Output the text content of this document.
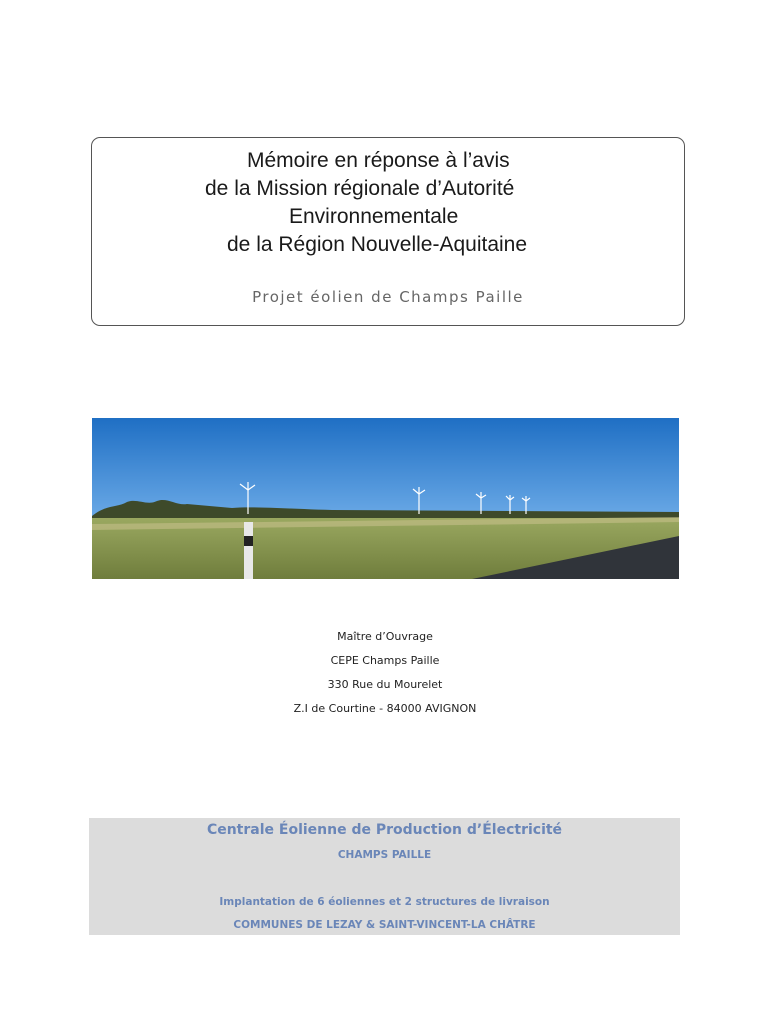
Mémoire en réponse à l’avis
de la Mission régionale d’Autorité
Environnementale
de la Région Nouvelle-Aquitaine
Projet éolien de Champs Paille
Maître d’Ouvrage
CEPE Champs Paille
330 Rue du Mourelet
Z.I de Courtine - 84000 AVIGNON
Centrale Éolienne de Production d’Électricité
CHAMPS PAILLE
Implantation de 6 éoliennes et 2 structures de livraison
COMMUNES DE LEZAY & SAINT-VINCENT-LA CHÂTRE
